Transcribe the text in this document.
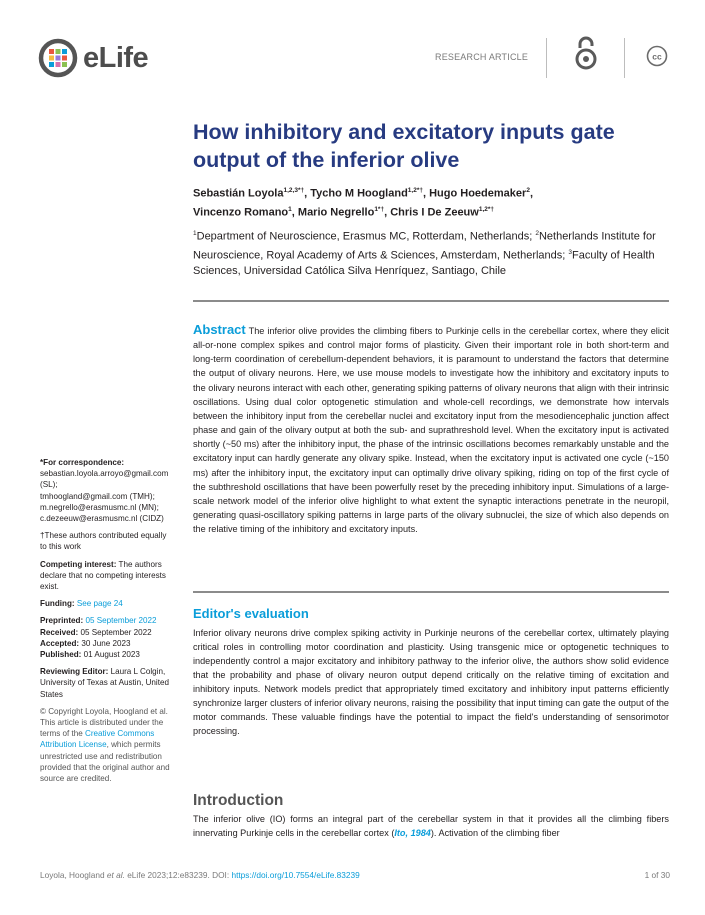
eLife	RESEARCH ARTICLE	cc
How inhibitory and excitatory inputs gate output of the inferior olive
Sebastián Loyola$^{1,2,3*\dagger}$, Tycho M Hoogland$^{1,2*\dagger}$, Hugo Hoedemaker$^2$,
Vincenzo Romano$^1$, Mario Negrello$^{1*\dagger}$, Chris I De Zeeuw$^{1,2*\dagger}$
$^1$Department of Neuroscience, Erasmus MC, Rotterdam, Netherlands; $^2$Netherlands Institute for Neuroscience, Royal Academy of Arts & Sciences, Amsterdam, Netherlands; $^3$Faculty of Health Sciences, Universidad Católica Silva Henríquez, Santiago, Chile
Abstract The inferior olive provides the climbing fibers to Purkinje cells in the cerebellar cortex, where they elicit all-or-none complex spikes and control major forms of plasticity. Given their important role in both short-term and long-term coordination of cerebellum-dependent behaviors, it is paramount to understand the factors that determine the output of olivary neurons. Here, we use mouse models to investigate how the inhibitory and excitatory inputs to the olivary neurons interact with each other, generating spiking patterns of olivary neurons that align with their intrinsic oscillations. Using dual color optogenetic stimulation and whole-cell recordings, we demonstrate how intervals between the inhibitory input from the cerebellar nuclei and excitatory input from the mesodiencephalic junction affect phase and gain of the olivary output at both the sub- and suprathreshold level. When the excitatory input is activated shortly (~50 ms) after the inhibitory input, the phase of the intrinsic oscillations becomes remarkably unstable and the excitatory input can hardly generate any olivary spike. Instead, when the excitatory input is activated one cycle (~150 ms) after the inhibitory input, the excitatory input can optimally drive olivary spiking, riding on top of the first cycle of the subthreshold oscillations that have been powerfully reset by the preceding inhibitory input. Simulations of a large-scale network model of the inferior olive highlight to what extent the synaptic interactions penetrate in the neuropil, generating quasi-oscillatory spiking patterns in large parts of the olivary subnuclei, the size of which also depends on the relative timing of the inhibitory and excitatory inputs.
Editor's evaluation
Inferior olivary neurons drive complex spiking activity in Purkinje neurons of the cerebellar cortex, ultimately playing critical roles in controlling motor coordination and plasticity. Using transgenic mice or optogenetic techniques to independently control a major excitatory and inhibitory pathway to the inferior olive, the authors show solid evidence that the probability and phase of olivary neuron output depend critically on the relative timing of excitation and inhibitory inputs. Network models predict that appropriately timed excitatory and inhibitory input patterns efficiently synchronize larger clusters of inferior olivary neurons, raising the possibility that input timing can gate the output of the motor commands. These valuable findings have the potential to impact the field's understanding of sensorimotor processing.
Introduction
The inferior olive (IO) forms an integral part of the cerebellar system in that it provides all the climbing fibers innervating Purkinje cells in the cerebellar cortex (Ito, 1984). Activation of the climbing fiber

*For correspondence:
sebastian.loyola.arroyo@gmail.com (SL);
tmhoogland@gmail.com (TMH);
m.negrello@erasmusmc.nl (MN);
c.dezeeuw@erasmusmc.nl (CIDZ)

†These authors contributed equally to this work

Competing interest: The authors declare that no competing interests exist.

Funding: See page 24

Preprinted: 05 September 2022
Received: 05 September 2022
Accepted: 30 June 2023
Published: 01 August 2023

Reviewing Editor: Laura L Colgin, University of Texas at Austin, United States

© Copyright Loyola, Hoogland et al. This article is distributed under the terms of the Creative Commons Attribution License, which permits unrestricted use and redistribution provided that the original author and source are credited.

Loyola, Hoogland et al. eLife 2023;12:e83239. DOI: https://doi.org/10.7554/eLife.83239	1 of 30
